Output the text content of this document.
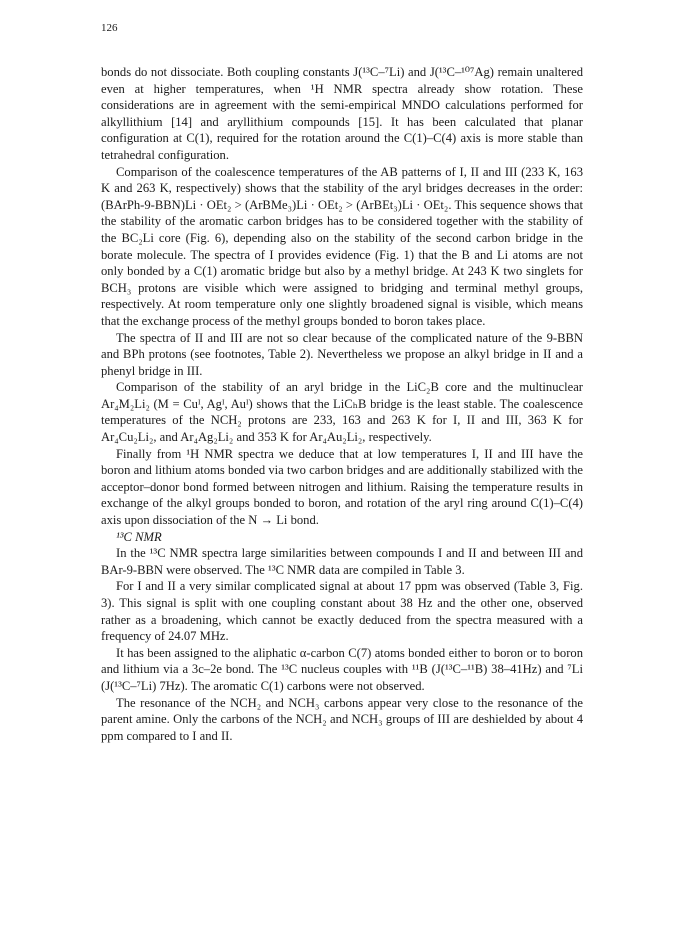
126

bonds do not dissociate. Both coupling constants J(¹³C–⁷Li) and J(¹³C–¹⁰⁷Ag) remain unaltered even at higher temperatures, when ¹H NMR spectra already show rotation. These considerations are in agreement with the semi-empirical MNDO calculations performed for alkyllithium [14] and aryllithium compounds [15]. It has been calculated that planar configuration at C(1), required for the rotation around the C(1)–C(4) axis is more stable than tetrahedral configuration.

Comparison of the coalescence temperatures of the AB patterns of I, II and III (233 K, 163 K and 263 K, respectively) shows that the stability of the aryl bridges decreases in the order: (BArPh-9-BBN)Li · OEt₂ > (ArBMe₃)Li · OEt₂ > (ArBEt₃)Li · OEt₂. This sequence shows that the stability of the aromatic carbon bridges has to be considered together with the stability of the BC₂Li core (Fig. 6), depending also on the stability of the second carbon bridge in the borate molecule. The spectra of I provides evidence (Fig. 1) that the B and Li atoms are not only bonded by a C(1) aromatic bridge but also by a methyl bridge. At 243 K two singlets for BCH₃ protons are visible which were assigned to bridging and terminal methyl groups, respectively. At room temperature only one slightly broadened signal is visible, which means that the exchange process of the methyl groups bonded to boron takes place.

The spectra of II and III are not so clear because of the complicated nature of the 9-BBN and BPh protons (see footnotes, Table 2). Nevertheless we propose an alkyl bridge in II and a phenyl bridge in III.

Comparison of the stability of an aryl bridge in the LiC₂B core and the multinuclear Ar₄M₂Li₂ (M = Cuᴵ, Agᴵ, Auᴵ) shows that the LiCₕB bridge is the least stable. The coalescence temperatures of the NCH₂ protons are 233, 163 and 263 K for I, II and III, 363 K for Ar₄Cu₂Li₂, and Ar₄Ag₂Li₂ and 353 K for Ar₄Au₂Li₂, respectively.

Finally from ¹H NMR spectra we deduce that at low temperatures I, II and III have the boron and lithium atoms bonded via two carbon bridges and are additionally stabilized with the acceptor–donor bond formed between nitrogen and lithium. Raising the temperature results in exchange of the alkyl groups bonded to boron, and rotation of the aryl ring around C(1)–C(4) axis upon dissociation of the N → Li bond.

¹³C NMR

In the ¹³C NMR spectra large similarities between compounds I and II and between III and BAr-9-BBN were observed. The ¹³C NMR data are compiled in Table 3.

For I and II a very similar complicated signal at about 17 ppm was observed (Table 3, Fig. 3). This signal is split with one coupling constant about 38 Hz and the other one, observed rather as a broadening, which cannot be exactly deduced from the spectra measured with a frequency of 24.07 MHz.

It has been assigned to the aliphatic α-carbon C(7) atoms bonded either to boron or to boron and lithium via a 3c–2e bond. The ¹³C nucleus couples with ¹¹B (J(¹³C–¹¹B) 38–41Hz) and ⁷Li (J(¹³C–⁷Li) 7Hz). The aromatic C(1) carbons were not observed.

The resonance of the NCH₂ and NCH₃ carbons appear very close to the resonance of the parent amine. Only the carbons of the NCH₂ and NCH₃ groups of III are deshielded by about 4 ppm compared to I and II.
